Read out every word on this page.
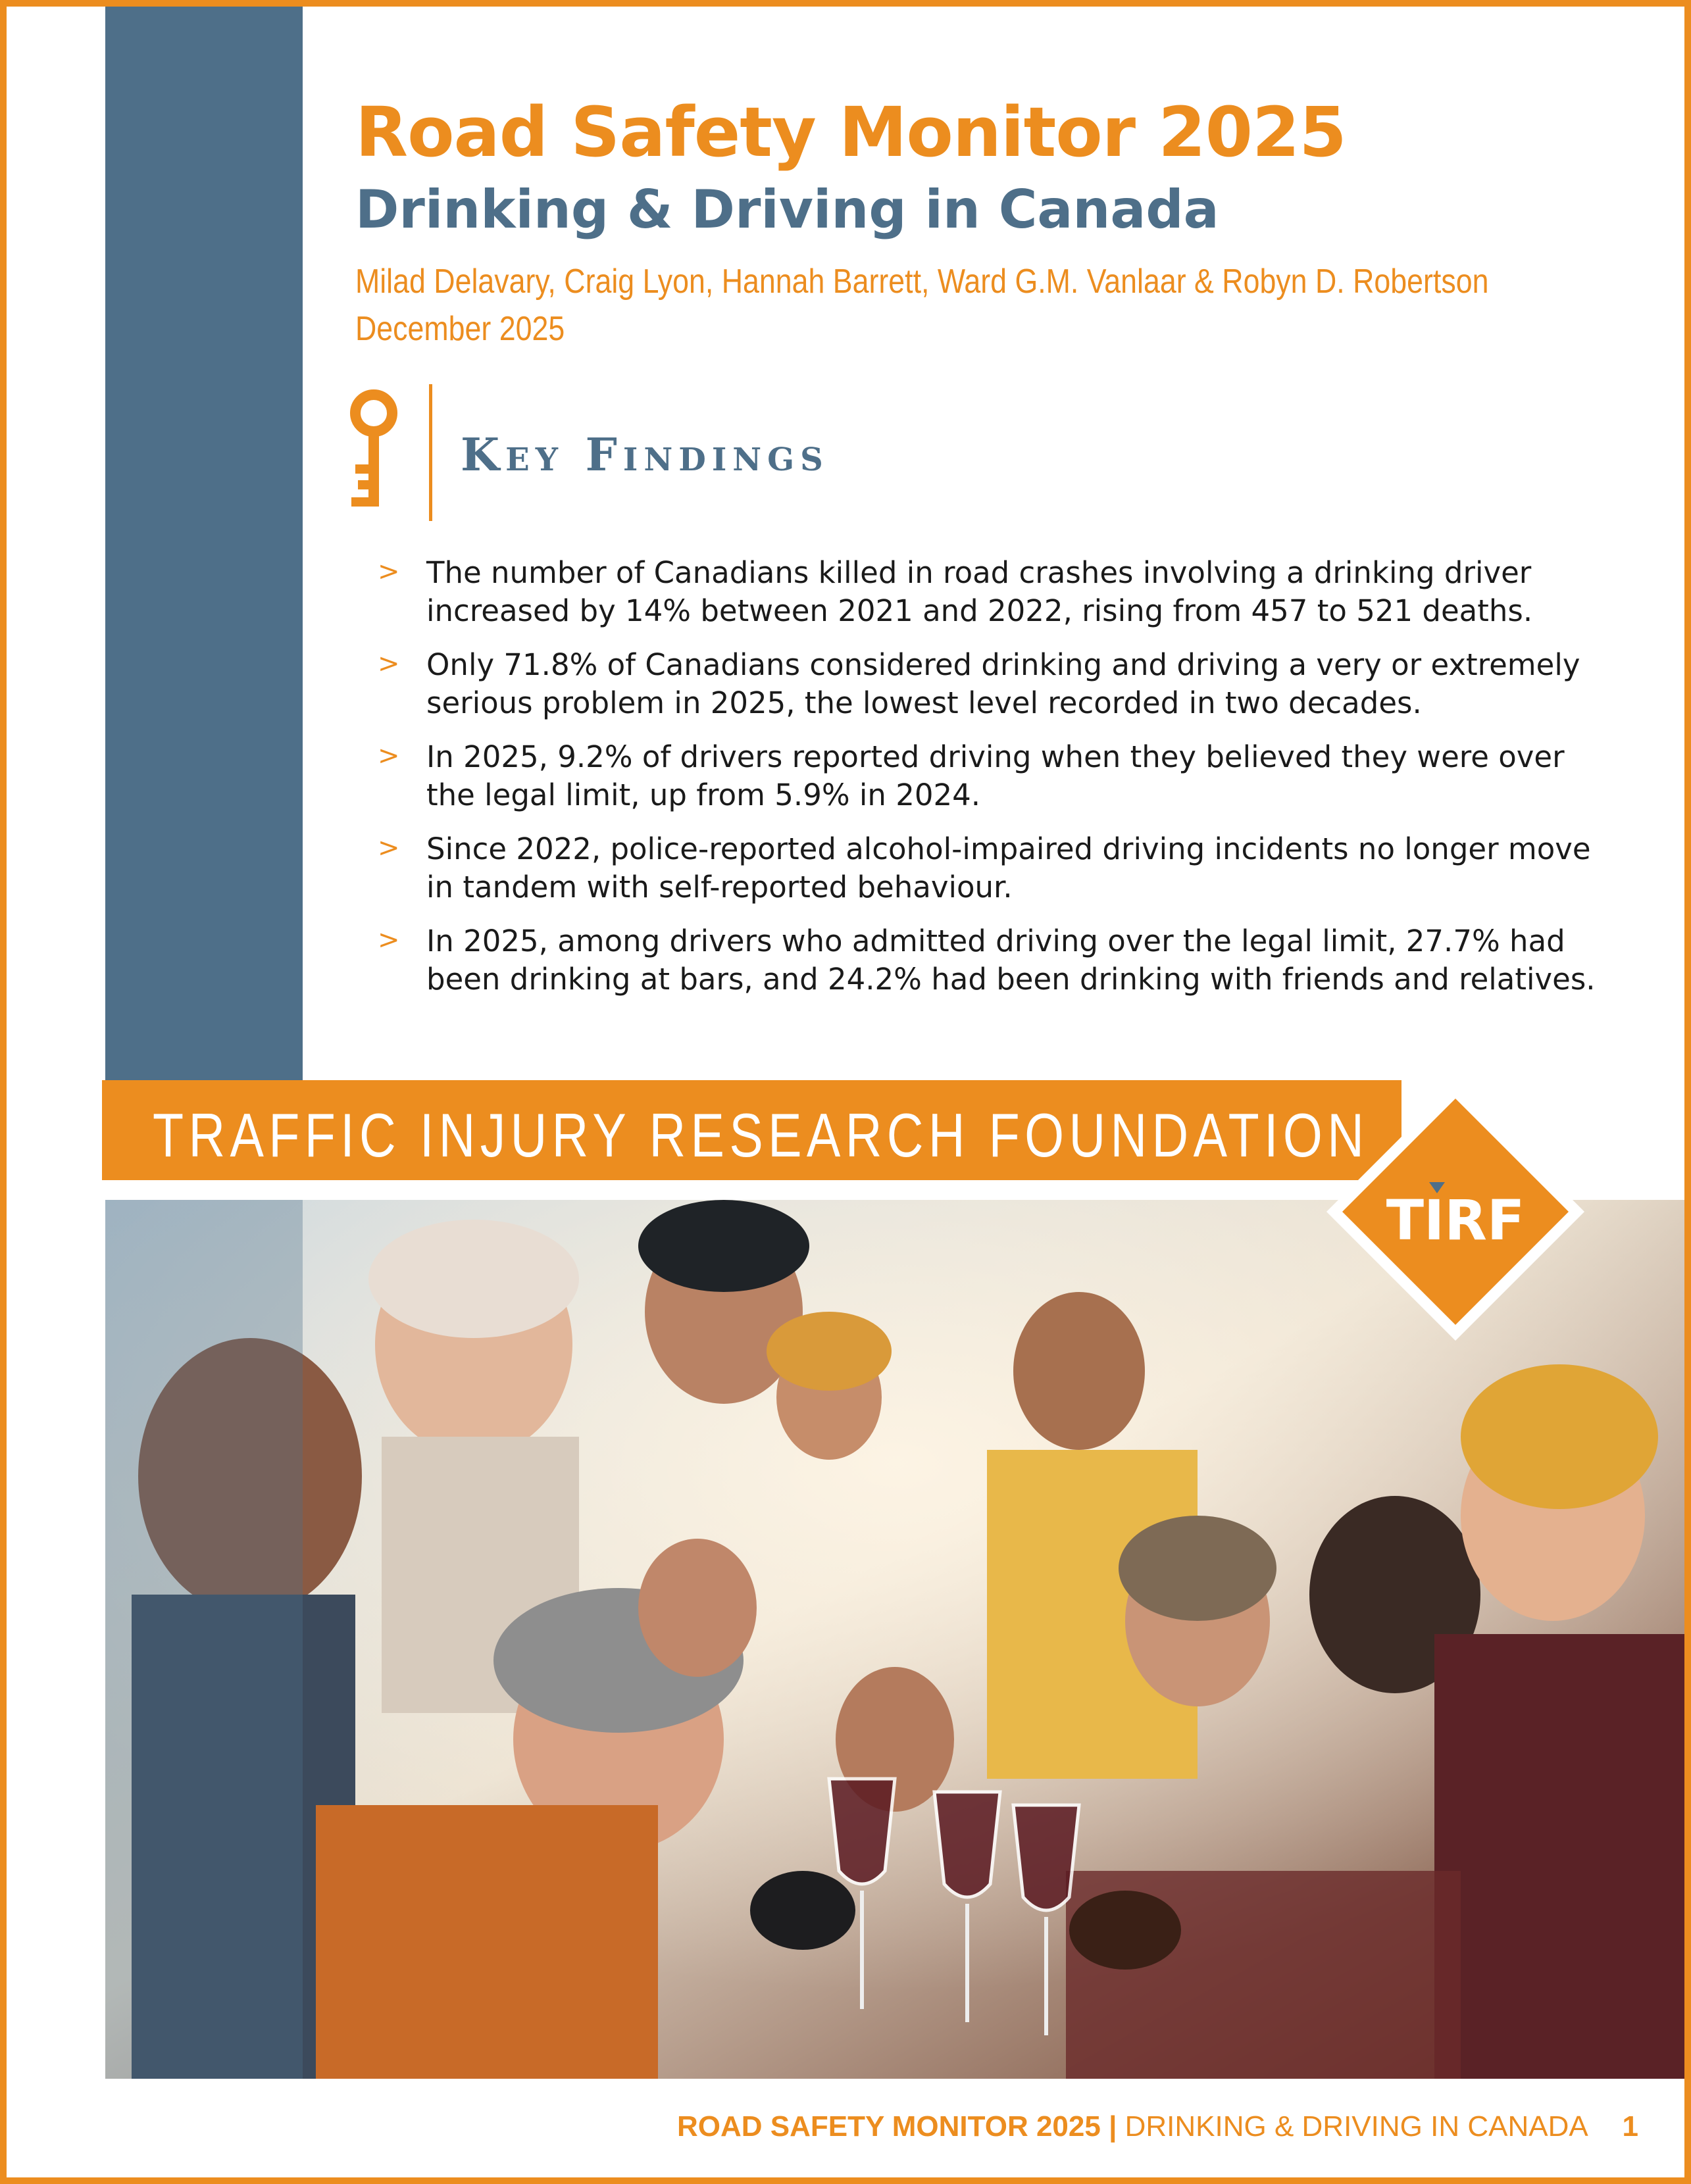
Road Safety Monitor 2025
Drinking & Driving in Canada
Milad Delavary, Craig Lyon, Hannah Barrett, Ward G.M. Vanlaar & Robyn D. Robertson
December 2025
Key Findings
> The number of Canadians killed in road crashes involving a drinking driver increased by 14% between 2021 and 2022, rising from 457 to 521 deaths.
> Only 71.8% of Canadians considered drinking and driving a very or extremely serious problem in 2025, the lowest level recorded in two decades.
> In 2025, 9.2% of drivers reported driving when they believed they were over the legal limit, up from 5.9% in 2024.
> Since 2022, police-reported alcohol-impaired driving incidents no longer move in tandem with self-reported behaviour.
> In 2025, among drivers who admitted driving over the legal limit, 27.7% had been drinking at bars, and 24.2% had been drinking with friends and relatives.
TRAFFIC INJURY RESEARCH FOUNDATION
TIRF
ROAD SAFETY MONITOR 2025 | DRINKING & DRIVING IN CANADA 1
